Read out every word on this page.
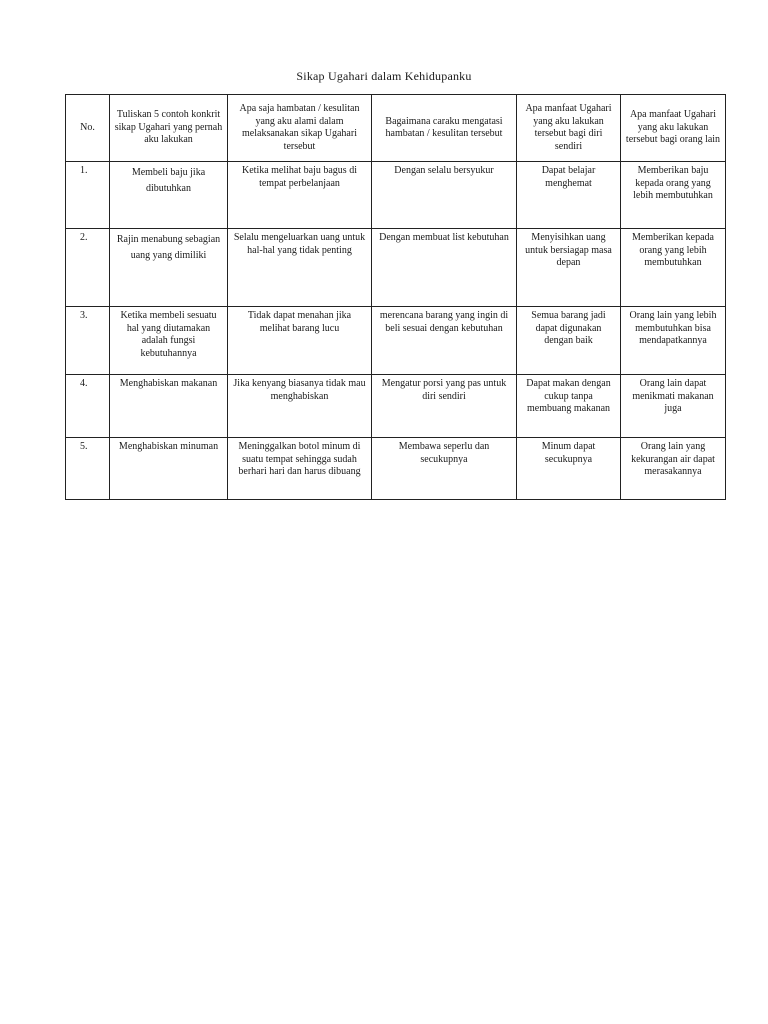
Sikap Ugahari dalam Kehidupanku
No.	Tuliskan 5 contoh konkrit sikap Ugahari yang pernah aku lakukan	Apa saja hambatan / kesulitan yang aku alami dalam melaksanakan sikap Ugahari tersebut	Bagaimana caraku mengatasi hambatan / kesulitan tersebut	Apa manfaat Ugahari yang aku lakukan tersebut bagi diri sendiri	Apa manfaat Ugahari yang aku lakukan tersebut bagi orang lain
1.	Membeli baju jika dibutuhkan	Ketika melihat baju bagus di tempat perbelanjaan	Dengan selalu bersyukur	Dapat belajar menghemat	Memberikan baju kepada orang yang lebih membutuhkan
2.	Rajin menabung sebagian uang yang dimiliki	Selalu mengeluarkan uang untuk hal-hal yang tidak penting	Dengan membuat list kebutuhan	Menyisihkan uang untuk bersiagap masa depan	Memberikan kepada orang yang lebih membutuhkan
3.	Ketika membeli sesuatu hal yang diutamakan adalah fungsi kebutuhannya	Tidak dapat menahan jika melihat barang lucu	merencana barang yang ingin di beli sesuai dengan kebutuhan	Semua barang jadi dapat digunakan dengan baik	Orang lain yang lebih membutuhkan bisa mendapatkannya
4.	Menghabiskan makanan	Jika kenyang biasanya tidak mau menghabiskan	Mengatur porsi yang pas untuk diri sendiri	Dapat makan dengan cukup tanpa membuang makanan	Orang lain dapat menikmati makanan juga
5.	Menghabiskan minuman	Meninggalkan botol minum di suatu tempat sehingga sudah berhari hari dan harus dibuang	Membawa seperlu dan secukupnya	Minum dapat secukupnya	Orang lain yang kekurangan air dapat merasakannya
